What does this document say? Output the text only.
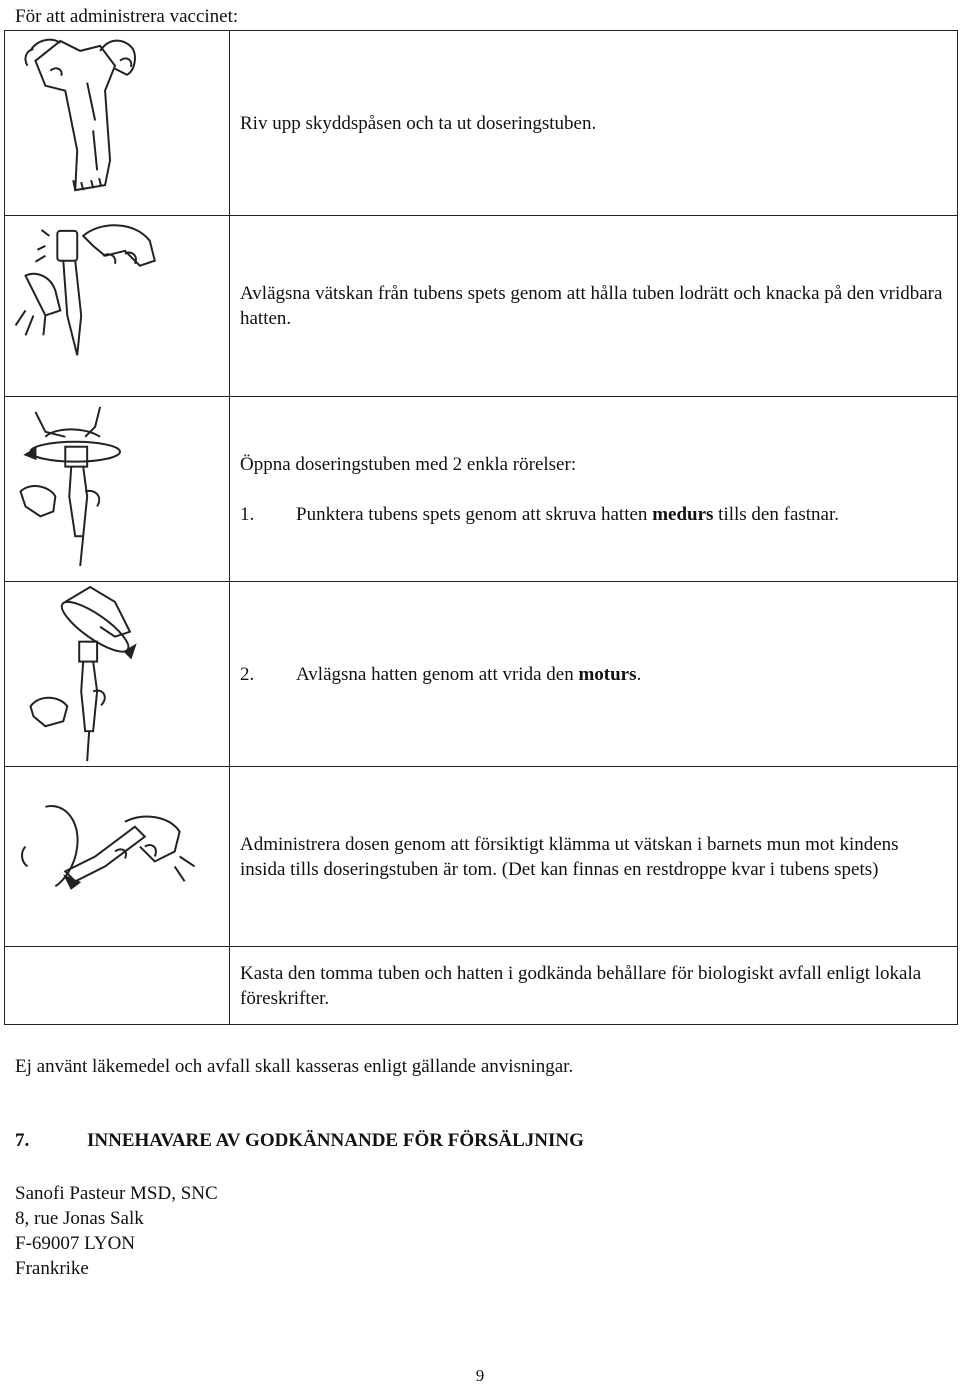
För att administrera vaccinet:

Riv upp skyddspåsen och ta ut doseringstuben.

Avlägsna vätskan från tubens spets genom att hålla tuben lodrätt och knacka på den vridbara hatten.

Öppna doseringstuben med 2 enkla rörelser:

1. Punktera tubens spets genom att skruva hatten medurs tills den fastnar.

2. Avlägsna hatten genom att vrida den moturs.

Administrera dosen genom att försiktigt klämma ut vätskan i barnets mun mot kindens insida tills doseringstuben är tom. (Det kan finnas en restdroppe kvar i tubens spets)

	Kasta den tomma tuben och hatten i godkända behållare för biologiskt avfall enligt lokala föreskrifter.

Ej använt läkemedel och avfall skall kasseras enligt gällande anvisningar.
7.	INNEHAVARE AV GODKÄNNANDE FÖR FÖRSÄLJNING
Sanofi Pasteur MSD, SNC
8, rue Jonas Salk
F-69007 LYON
Frankrike
9
